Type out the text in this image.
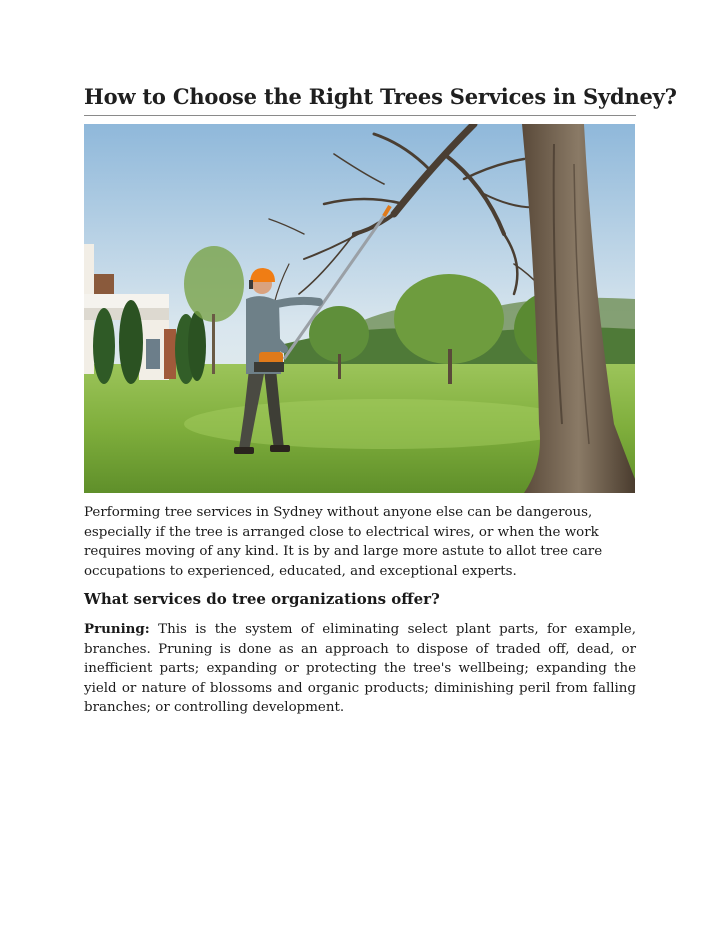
How to Choose the Right Trees Services in Sydney?

Performing tree services in Sydney without anyone else can be dangerous, especially if the tree is arranged close to electrical wires, or when the work requires moving of any kind. It is by and large more astute to allot tree care occupations to experienced, educated, and exceptional experts.

What services do tree organizations offer?

Pruning: This is the system of eliminating select plant parts, for example, branches. Pruning is done as an approach to dispose of traded off, dead, or inefficient parts; expanding or protecting the tree's wellbeing; expanding the yield or nature of blossoms and organic products; diminishing peril from falling branches; or controlling development.
